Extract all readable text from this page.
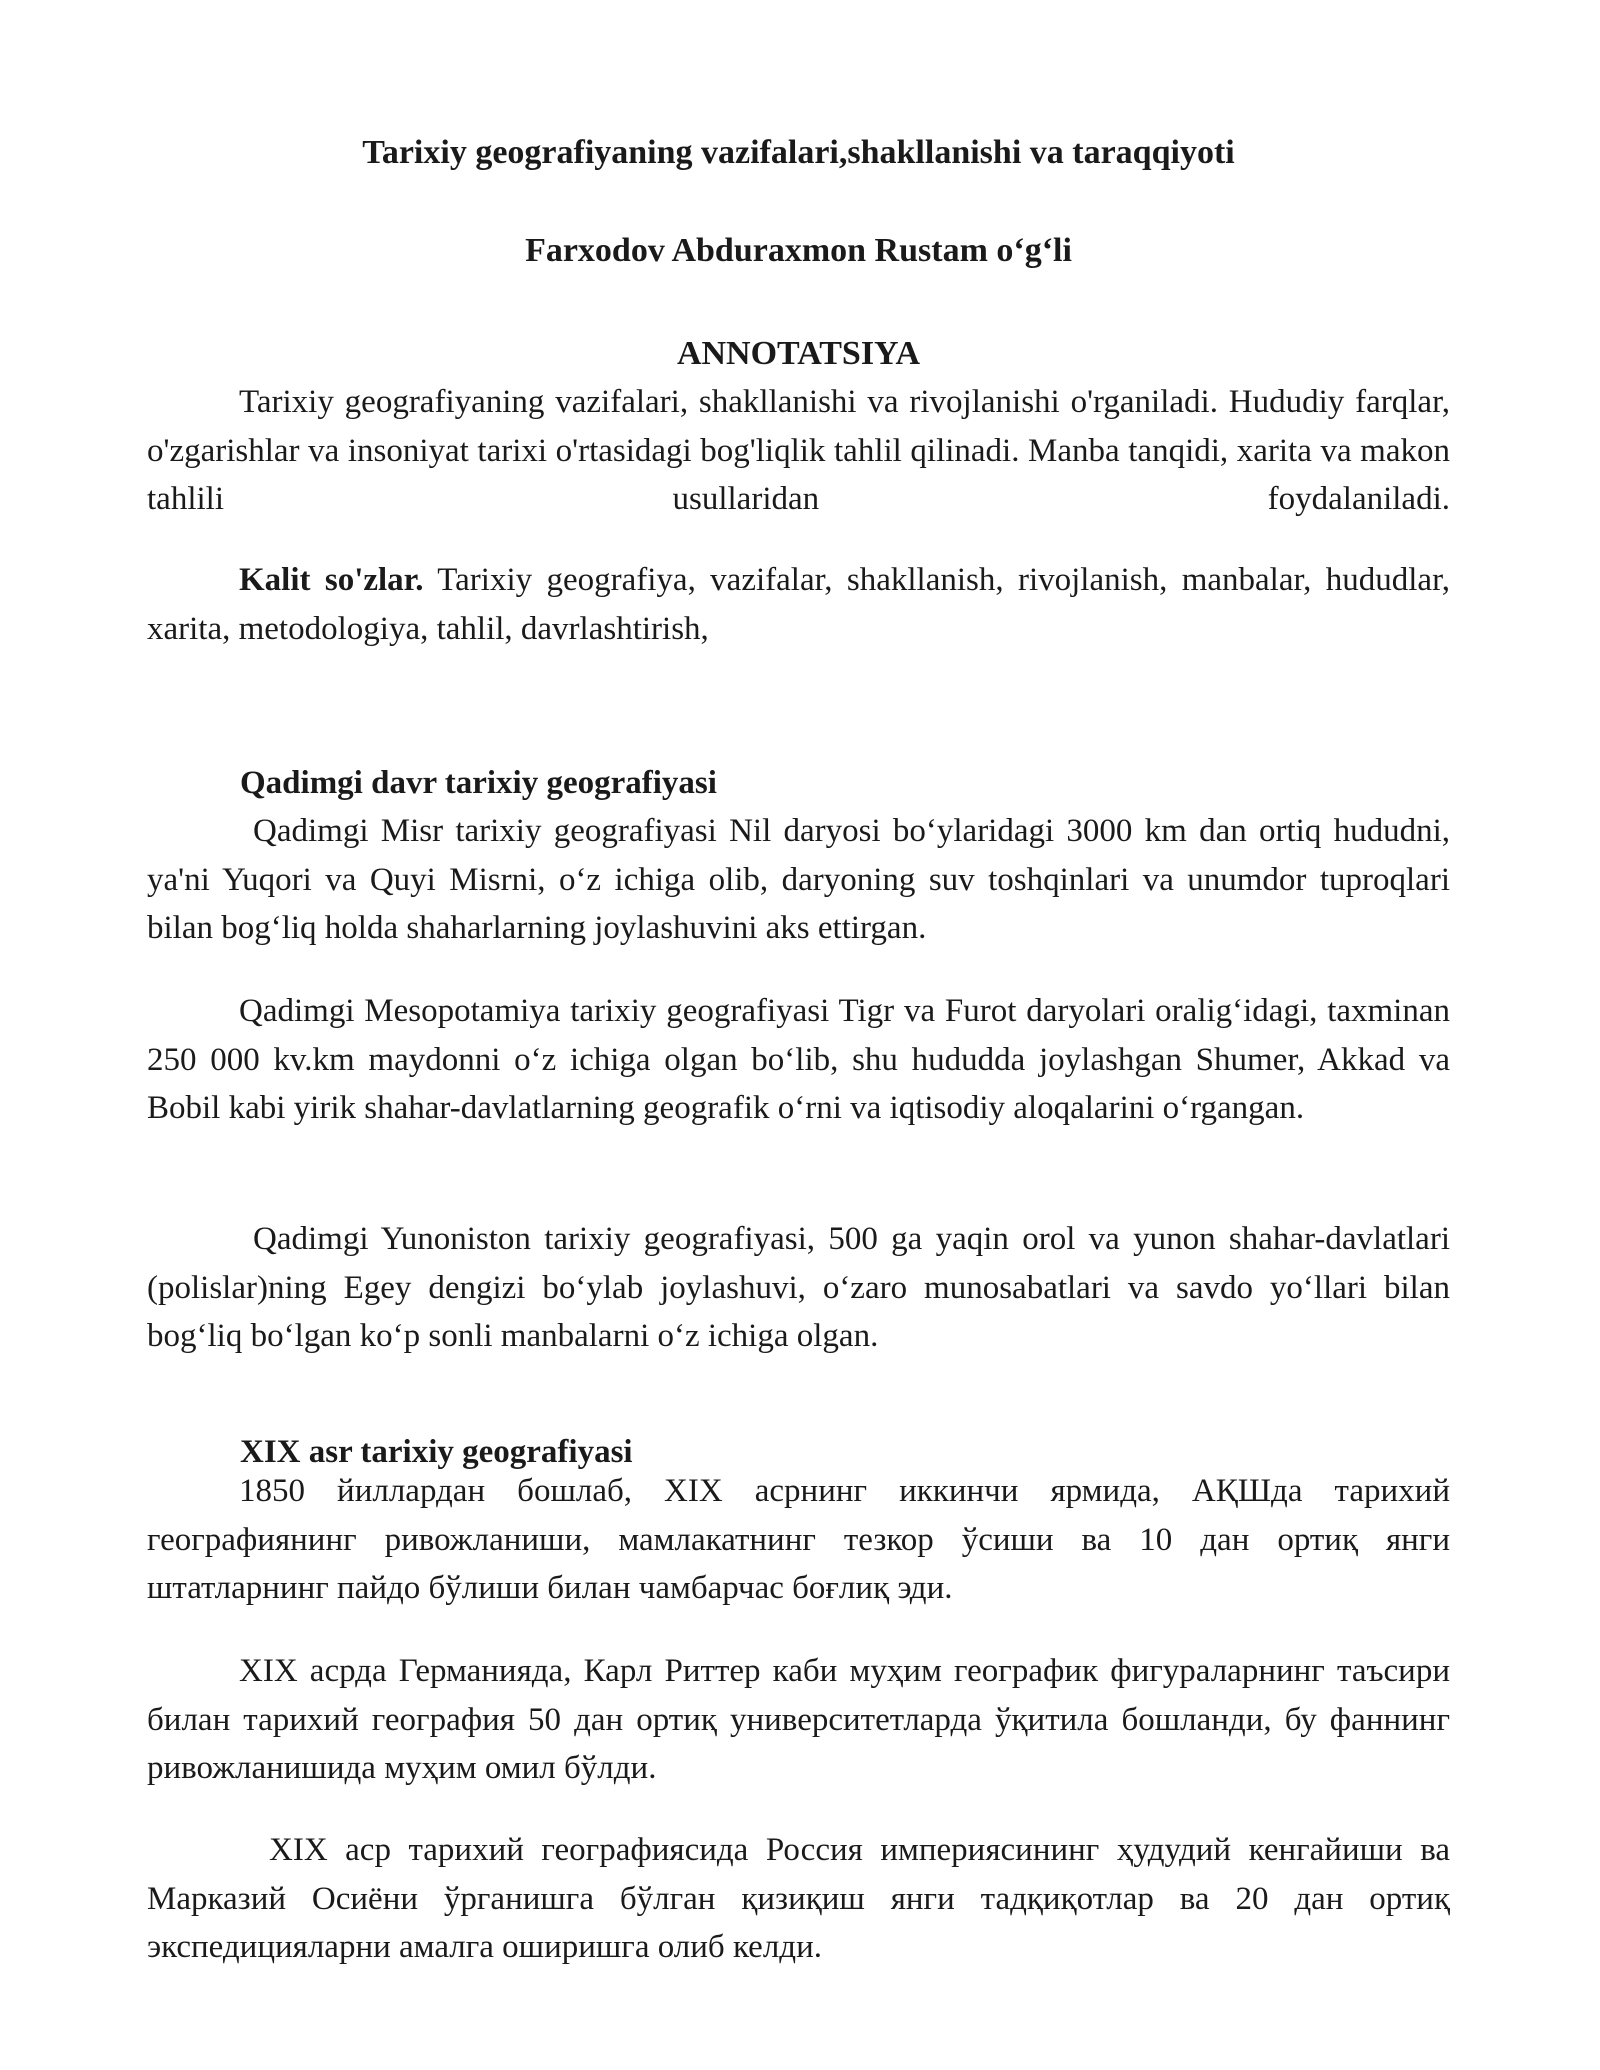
Tarixiy geografiyaning vazifalari,shakllanishi va taraqqiyoti
Farxodov Abduraxmon Rustam o‘g‘li
ANNOTATSIYA

Tarixiy geografiyaning vazifalari, shakllanishi va rivojlanishi o'rganiladi. Hududiy farqlar, o'zgarishlar va insoniyat tarixi o'rtasidagi bog'liqlik tahlil qilinadi. Manba tanqidi, xarita va makon tahlili usullaridan foydalaniladi.

Kalit so'zlar. Tarixiy geografiya, vazifalar, shakllanish, rivojlanish, manbalar, hududlar, xarita, metodologiya, tahlil, davrlashtirish,

Qadimgi davr tarixiy geografiyasi

Qadimgi Misr tarixiy geografiyasi Nil daryosi bo‘ylaridagi 3000 km dan ortiq hududni, ya'ni Yuqori va Quyi Misrni, o‘z ichiga olib, daryoning suv toshqinlari va unumdor tuproqlari bilan bog‘liq holda shaharlarning joylashuvini aks ettirgan.

Qadimgi Mesopotamiya tarixiy geografiyasi Tigr va Furot daryolari oralig‘idagi, taxminan 250 000 kv.km maydonni o‘z ichiga olgan bo‘lib, shu hududda joylashgan Shumer, Akkad va Bobil kabi yirik shahar-davlatlarning geografik o‘rni va iqtisodiy aloqalarini o‘rgangan.

Qadimgi Yunoniston tarixiy geografiyasi, 500 ga yaqin orol va yunon shahar-davlatlari (polislar)ning Egey dengizi bo‘ylab joylashuvi, o‘zaro munosabatlari va savdo yo‘llari bilan bog‘liq bo‘lgan ko‘p sonli manbalarni o‘z ichiga olgan.

XIX asr tarixiy geografiyasi

1850 йиллардан бошлаб, XIX асрнинг иккинчи ярмида, АҚШда тарихий географиянинг ривожланиши, мамлакатнинг тезкор ўсиши ва 10 дан ортиқ янги штатларнинг пайдо бўлиши билан чамбарчас боғлиқ эди.

XIX асрда Германияда, Карл Риттер каби муҳим географик фигураларнинг таъсири билан тарихий география 50 дан ортиқ университетларда ўқитила бошланди, бу фаннинг ривожланишида муҳим омил бўлди.

XIX аср тарихий географиясида Россия империясининг ҳудудий кенгайиши ва Марказий Осиёни ўрганишга бўлган қизиқиш янги тадқиқотлар ва 20 дан ортиқ экспедицияларни амалга оширишга олиб келди.
